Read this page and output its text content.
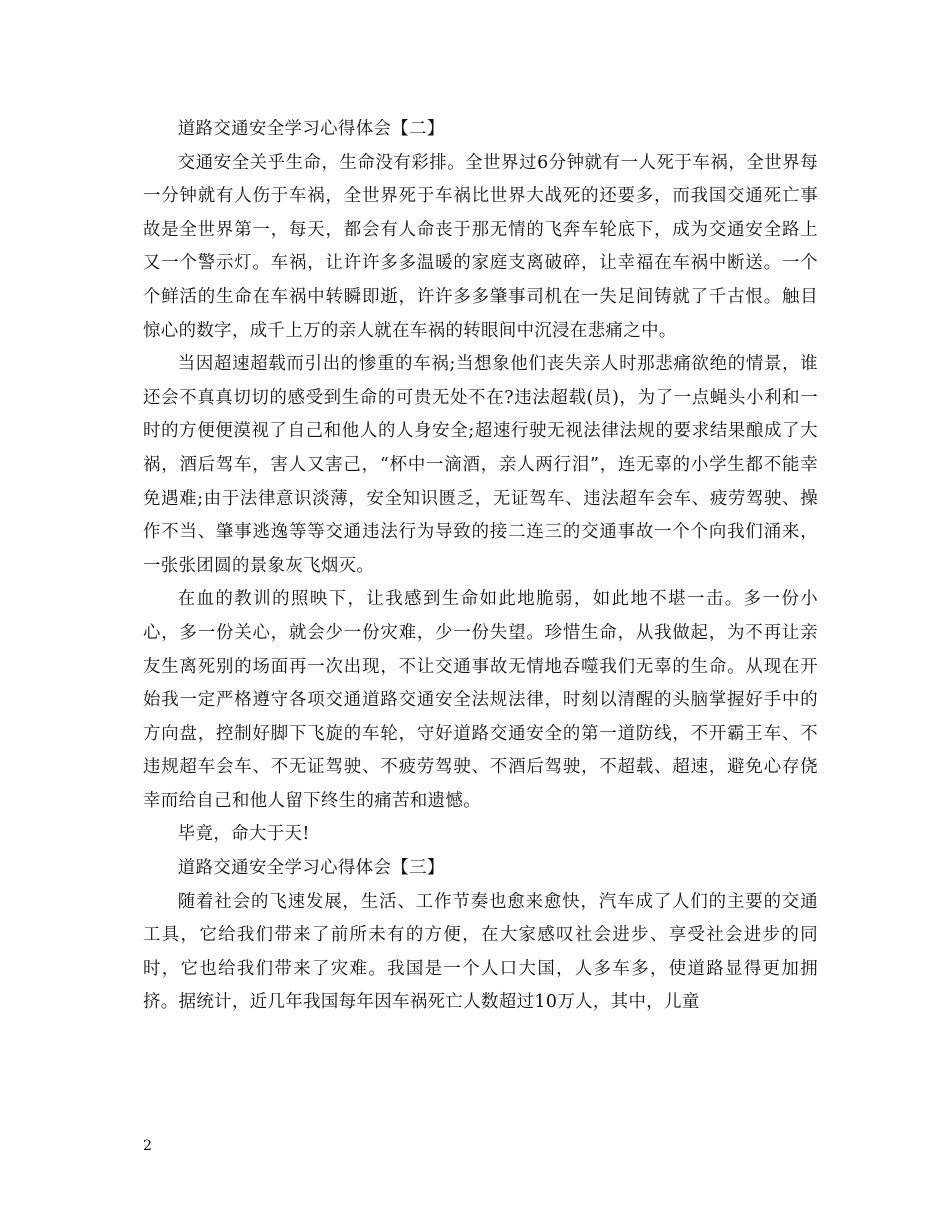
道路交通安全学习心得体会【二】

交通安全关乎生命，生命没有彩排。全世界过6分钟就有一人死于车祸，全世界每一分钟就有人伤于车祸，全世界死于车祸比世界大战死的还要多，而我国交通死亡事故是全世界第一，每天，都会有人命丧于那无情的飞奔车轮底下，成为交通安全路上又一个警示灯。车祸，让许许多多温暖的家庭支离破碎，让幸福在车祸中断送。一个个鲜活的生命在车祸中转瞬即逝，许许多多肇事司机在一失足间铸就了千古恨。触目惊心的数字，成千上万的亲人就在车祸的转眼间中沉浸在悲痛之中。

当因超速超载而引出的惨重的车祸;当想象他们丧失亲人时那悲痛欲绝的情景，谁还会不真真切切的感受到生命的可贵无处不在?违法超载(员)，为了一点蝇头小利和一时的方便便漠视了自己和他人的人身安全;超速行驶无视法律法规的要求结果酿成了大祸，酒后驾车，害人又害己，“杯中一滴酒，亲人两行泪”，连无辜的小学生都不能幸免遇难;由于法律意识淡薄，安全知识匮乏，无证驾车、违法超车会车、疲劳驾驶、操作不当、肇事逃逸等等交通违法行为导致的接二连三的交通事故一个个向我们涌来，一张张团圆的景象灰飞烟灭。

在血的教训的照映下，让我感到生命如此地脆弱，如此地不堪一击。多一份小心，多一份关心，就会少一份灾难，少一份失望。珍惜生命，从我做起，为不再让亲友生离死别的场面再一次出现，不让交通事故无情地吞噬我们无辜的生命。从现在开始我一定严格遵守各项交通道路交通安全法规法律，时刻以清醒的头脑掌握好手中的方向盘，控制好脚下飞旋的车轮，守好道路交通安全的第一道防线，不开霸王车、不违规超车会车、不无证驾驶、不疲劳驾驶、不酒后驾驶，不超载、超速，避免心存侥幸而给自己和他人留下终生的痛苦和遗憾。

毕竟，命大于天!

道路交通安全学习心得体会【三】

随着社会的飞速发展，生活、工作节奏也愈来愈快，汽车成了人们的主要的交通工具，它给我们带来了前所未有的方便，在大家感叹社会进步、享受社会进步的同时，它也给我们带来了灾难。我国是一个人口大国，人多车多，使道路显得更加拥挤。据统计，近几年我国每年因车祸死亡人数超过10万人，其中，儿童

2
